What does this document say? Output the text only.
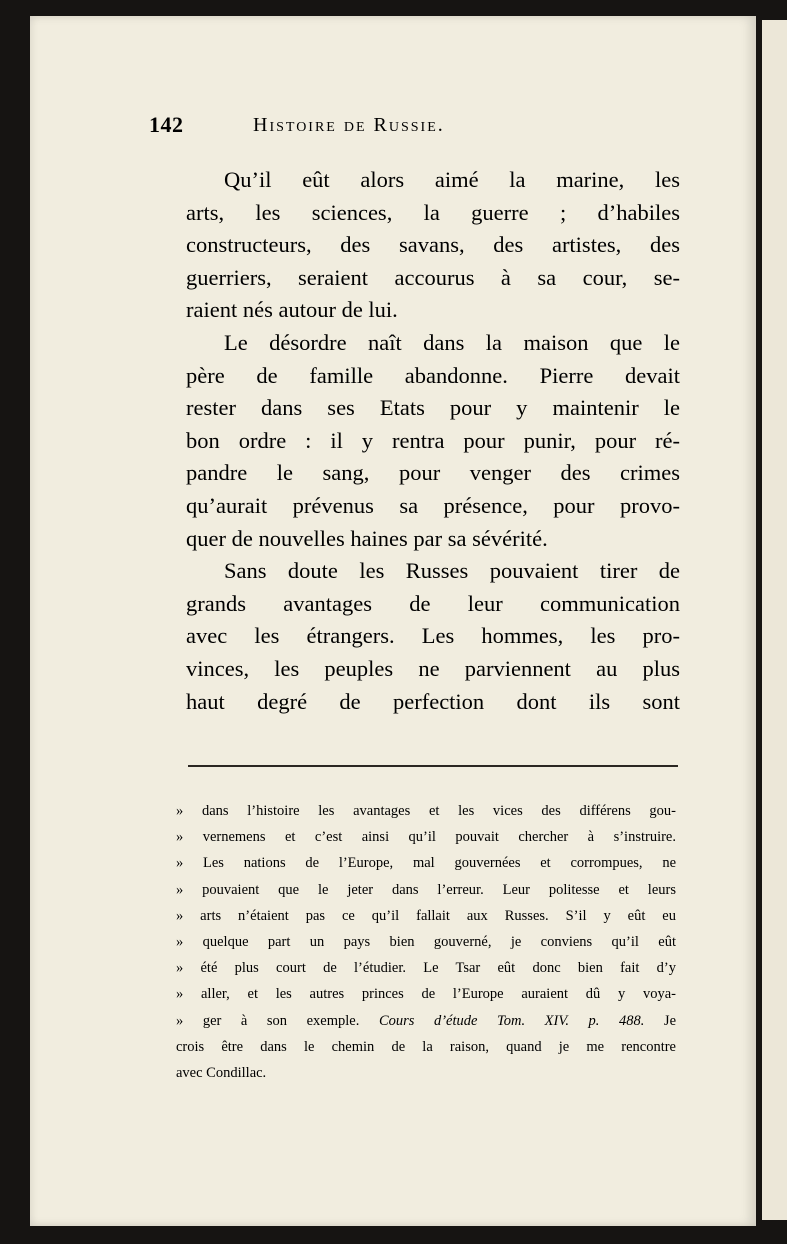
142	Histoire de Russie.
Qu’il eût alors aimé la marine, les
arts, les sciences, la guerre ; d’habiles
constructeurs, des savans, des artistes, des
guerriers, seraient accourus à sa cour, se-
raient nés autour de lui.
Le désordre naît dans la maison que le
père de famille abandonne. Pierre devait
rester dans ses Etats pour y maintenir le
bon ordre : il y rentra pour punir, pour ré-
pandre le sang, pour venger des crimes
qu’aurait prévenus sa présence, pour provo-
quer de nouvelles haines par sa sévérité.
Sans doute les Russes pouvaient tirer de
grands avantages de leur communication
avec les étrangers. Les hommes, les pro-
vinces, les peuples ne parviennent au plus
haut degré de perfection dont ils sont
» dans l’histoire les avantages et les vices des différens gou-
» vernemens et c’est ainsi qu’il pouvait chercher à s’instruire.
» Les nations de l’Europe, mal gouvernées et corrompues, ne
» pouvaient que le jeter dans l’erreur. Leur politesse et leurs
» arts n’étaient pas ce qu’il fallait aux Russes. S’il y eût eu
» quelque part un pays bien gouverné, je conviens qu’il eût
» été plus court de l’étudier. Le Tsar eût donc bien fait d’y
» aller, et les autres princes de l’Europe auraient dû y voya-
» ger à son exemple. Cours d’étude Tom. XIV. p. 488. Je
crois être dans le chemin de la raison, quand je me rencontre
avec Condillac.
